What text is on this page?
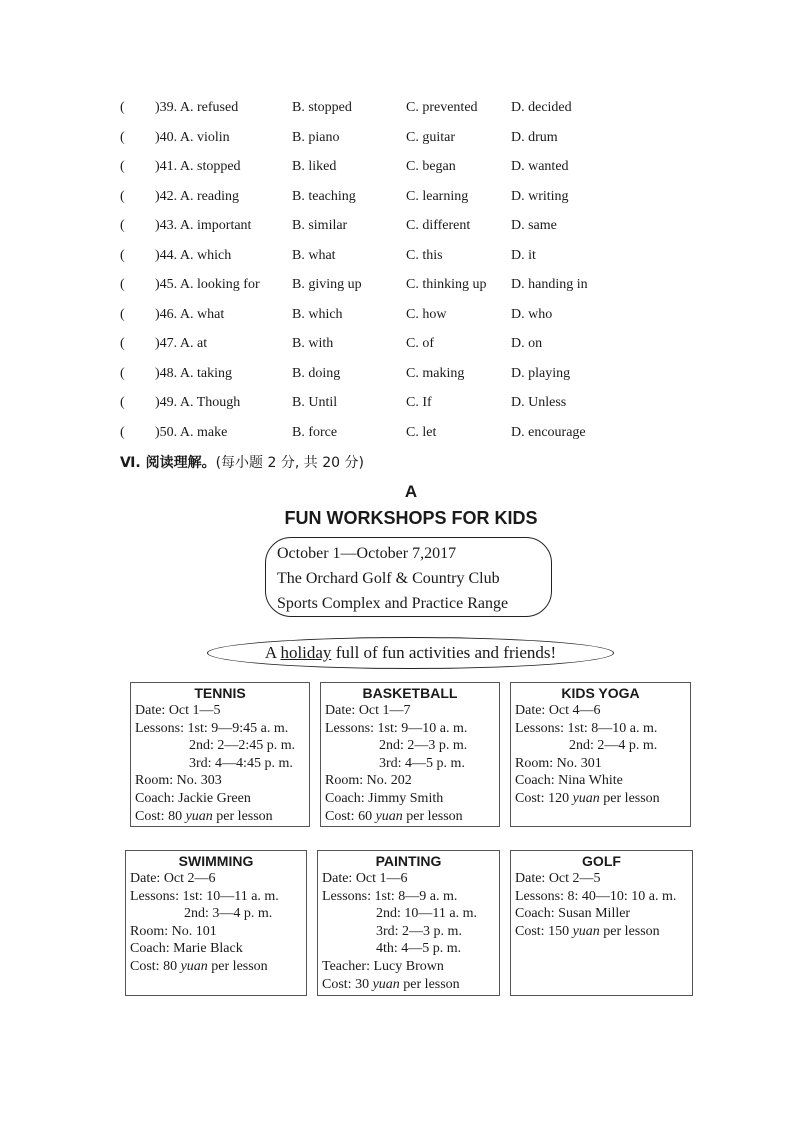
( )39. A. refused	B. stopped	C. prevented D. decided
( )40. A. violin	B. piano	C. guitar	D. drum
( )41. A. stopped	B. liked	C. began	D. wanted
( )42. A. reading	B. teaching	C. learning	D. writing
( )43. A. important	B. similar	C. different	D. same
( )44. A. which	B. what	C. this	D. it
( )45. A. looking for B. giving up	C. thinking up D. handing in
( )46. A. what	B. which	C. how	D. who
( )47. A. at	B. with	C. of	D. on
( )48. A. taking	B. doing	C. making	D. playing
( )49. A. Though	B. Until	C. If	D. Unless
( )50. A. make	B. force	C. let	D. encourage
Ⅵ. 阅读理解。(每小题 2 分, 共 20 分)
A
FUN WORKSHOPS FOR KIDS
October 1—October 7,2017
The Orchard Golf & Country Club
Sports Complex and Practice Range
A holiday full of fun activities and friends!
TENNIS
Date: Oct 1—5
Lessons: 1st: 9—9:45 a. m.
2nd: 2—2:45 p. m.
3rd: 4—4:45 p. m.
Room: No. 303
Coach: Jackie Green
Cost: 80 yuan per lesson
BASKETBALL
Date: Oct 1—7
Lessons: 1st: 9—10 a. m.
2nd: 2—3 p. m.
3rd: 4—5 p. m.
Room: No. 202
Coach: Jimmy Smith
Cost: 60 yuan per lesson
KIDS YOGA
Date: Oct 4—6
Lessons: 1st: 8—10 a. m.
2nd: 2—4 p. m.
Room: No. 301
Coach: Nina White
Cost: 120 yuan per lesson
SWIMMING
Date: Oct 2—6
Lessons: 1st: 10—11 a. m.
2nd: 3—4 p. m.
Room: No. 101
Coach: Marie Black
Cost: 80 yuan per lesson
PAINTING
Date: Oct 1—6
Lessons: 1st: 8—9 a. m.
2nd: 10—11 a. m.
3rd: 2—3 p. m.
4th: 4—5 p. m.
Teacher: Lucy Brown
Cost: 30 yuan per lesson
GOLF
Date: Oct 2—5
Lessons: 8: 40—10: 10 a. m.
Coach: Susan Miller
Cost: 150 yuan per lesson
